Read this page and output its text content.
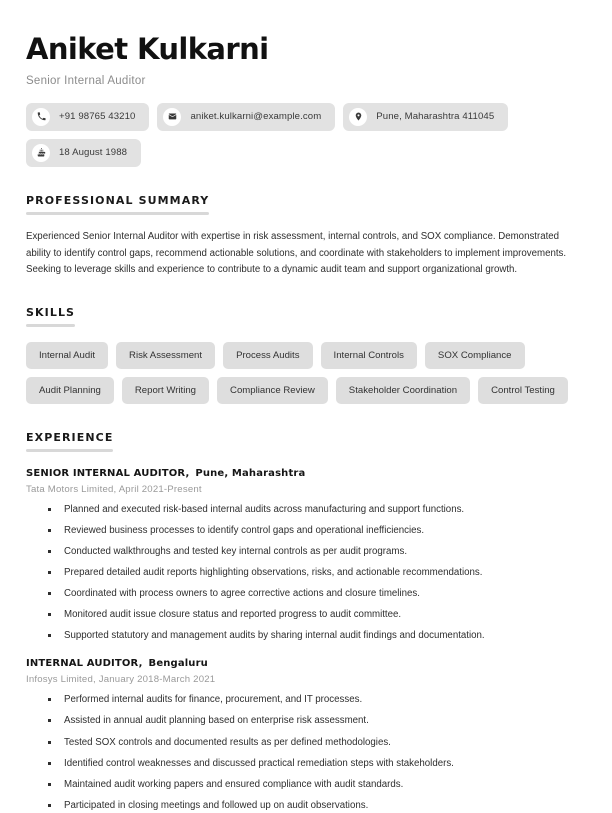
Aniket Kulkarni
Senior Internal Auditor
+91 98765 43210	aniket.kulkarni@example.com	Pune, Maharashtra 411045
18 August 1988
PROFESSIONAL SUMMARY
Experienced Senior Internal Auditor with expertise in risk assessment, internal controls, and SOX compliance. Demonstrated ability to identify control gaps, recommend actionable solutions, and coordinate with stakeholders to implement improvements. Seeking to leverage skills and experience to contribute to a dynamic audit team and support organizational growth.
SKILLS
Internal Audit	Risk Assessment	Process Audits	Internal Controls	SOX Compliance
Audit Planning	Report Writing	Compliance Review	Stakeholder Coordination	Control Testing
EXPERIENCE
SENIOR INTERNAL AUDITOR, Pune, Maharashtra
Tata Motors Limited, April 2021-Present
Planned and executed risk-based internal audits across manufacturing and support functions.
Reviewed business processes to identify control gaps and operational inefficiencies.
Conducted walkthroughs and tested key internal controls as per audit programs.
Prepared detailed audit reports highlighting observations, risks, and actionable recommendations.
Coordinated with process owners to agree corrective actions and closure timelines.
Monitored audit issue closure status and reported progress to audit committee.
Supported statutory and management audits by sharing internal audit findings and documentation.
INTERNAL AUDITOR, Bengaluru
Infosys Limited, January 2018-March 2021
Performed internal audits for finance, procurement, and IT processes.
Assisted in annual audit planning based on enterprise risk assessment.
Tested SOX controls and documented results as per defined methodologies.
Identified control weaknesses and discussed practical remediation steps with stakeholders.
Maintained audit working papers and ensured compliance with audit standards.
Participated in closing meetings and followed up on audit observations.
